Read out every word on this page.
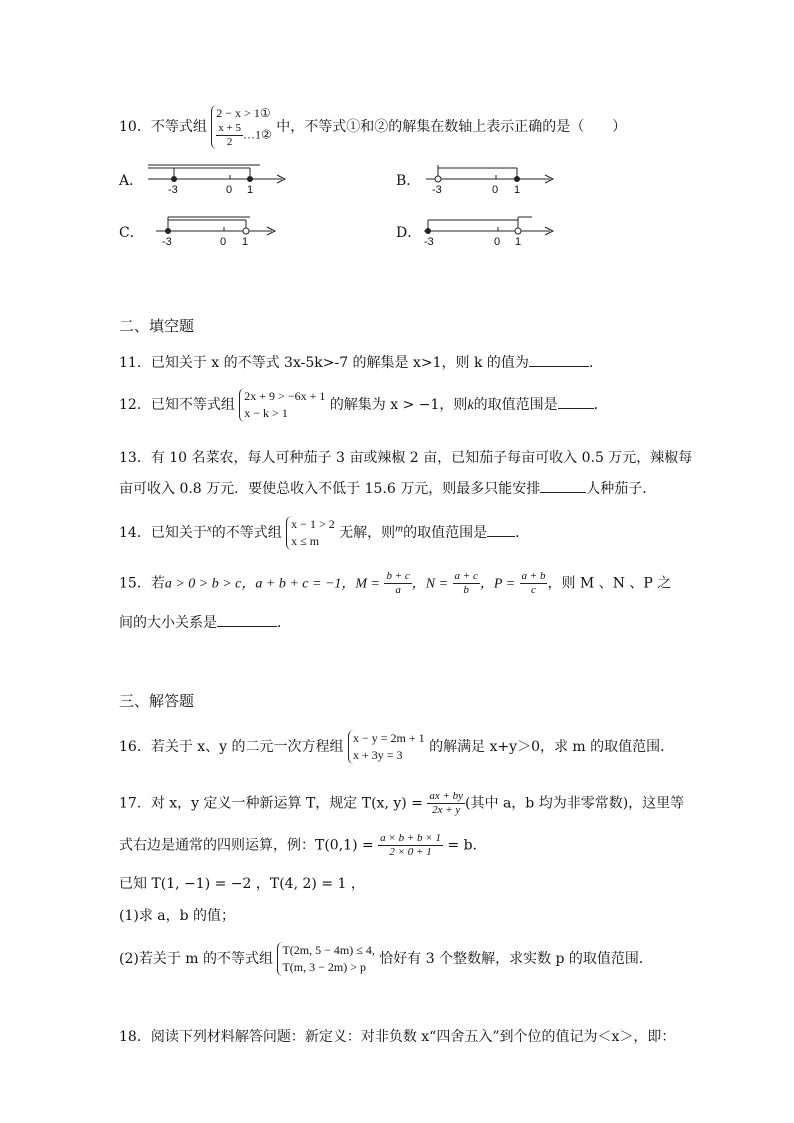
10．不等式组
2 − x > 1①
$\frac{x + 5}{2}$ …1② 中，不等式①和②的解集在数轴上表示正确的是（　　）
A．
-3	0 1
B．
-3	0 1
C．
-3	0 1
D．
-3	0 1
二、填空题
11．已知关于 x 的不等式 3x-5k>-7 的解集是 x>1，则 k 的值为	.
12．已知不等式组
2x + 9 > −6x + 1
x − k > 1	的解集为 x > −1，则k的取值范围是	．
13．有 10 名菜农，每人可种茄子 3 亩或辣椒 2 亩，已知茄子每亩可收入 0.5 万元，辣椒每
亩可收入 0.8 万元．要使总收入不低于 15.6 万元，则最多只能安排	人种茄子．
14．已知关于$^x$的不等式组
x − 1 > 2
x ≤ m	无解，则$^m$的取值范围是 ．
15．若a > 0 > b > c，a + b + c = −1，$M = \frac{b + c}{a}$ ，$N = \frac{a + c}{b}$ ，$P = \frac{a + b}{c}$ ，则 M 、N 、P 之
间的大小关系是	．
三、解答题
16．若关于 x、y 的二元一次方程组
x − y = 2m + 1
x + 3y = 3	的解满足 x+y＞0，求 m 的取值范围．
17．对 x，y 定义一种新运算 T，规定 T(x, $y) = \frac{ax + by}{2x + y}$ (其中 a，b 均为非零常数)，这里等
式右边是通常的四则运算，例：$T(0,1) = \frac{a \times b + b \times 1}{2 \times 0 + 1} = b$．
已知 T(1, −1) = −2 ，T(4, 2) = 1 ，
(1)求 a，b 的值；
(2)若关于 m 的不等式组
T(2m, 5 − 4m) ≤ 4,
T(m, 3 − 2m) > p 恰好有 3 个整数解，求实数 p 的取值范围．
18．阅读下列材料解答问题：新定义：对非负数 x“四舍五入”到个位的值记为＜x＞，即：
